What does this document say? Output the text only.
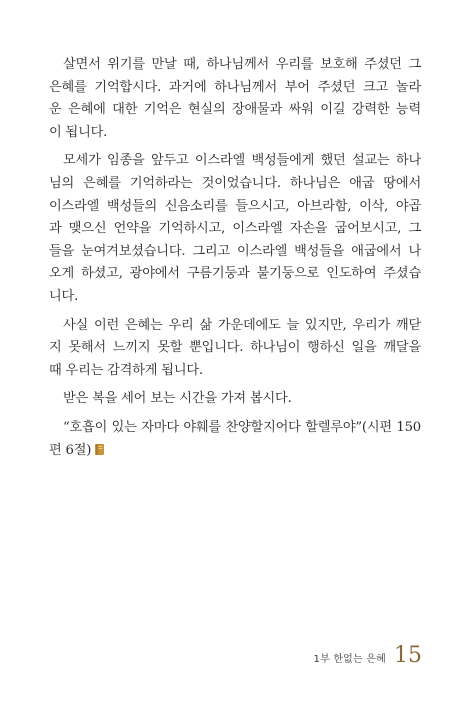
살면서 위기를 만날 때, 하나님께서 우리를 보호해 주셨던 그
은혜를 기억합시다. 과거에 하나님께서 부어 주셨던 크고 놀라
운 은혜에 대한 기억은 현실의 장애물과 싸워 이길 강력한 능력
이 됩니다.

모세가 임종을 앞두고 이스라엘 백성들에게 했던 설교는 하나
님의 은혜를 기억하라는 것이었습니다. 하나님은 애굽 땅에서
이스라엘 백성들의 신음소리를 들으시고, 아브라함, 이삭, 야곱
과 맺으신 언약을 기억하시고, 이스라엘 자손을 굽어보시고, 그
들을 눈여겨보셨습니다. 그리고 이스라엘 백성들을 애굽에서 나
오게 하셨고, 광야에서 구름기둥과 불기둥으로 인도하여 주셨습
니다.

사실 이런 은혜는 우리 삶 가운데에도 늘 있지만, 우리가 깨닫
지 못해서 느끼지 못할 뿐입니다. 하나님이 행하신 일을 깨달을
때 우리는 감격하게 됩니다.

받은 복을 세어 보는 시간을 가져 봅시다.

“호흡이 있는 자마다 야훼를 찬양할지어다 할렐루야”(시편 150
편 6절)

1부 한없는 은혜 15
